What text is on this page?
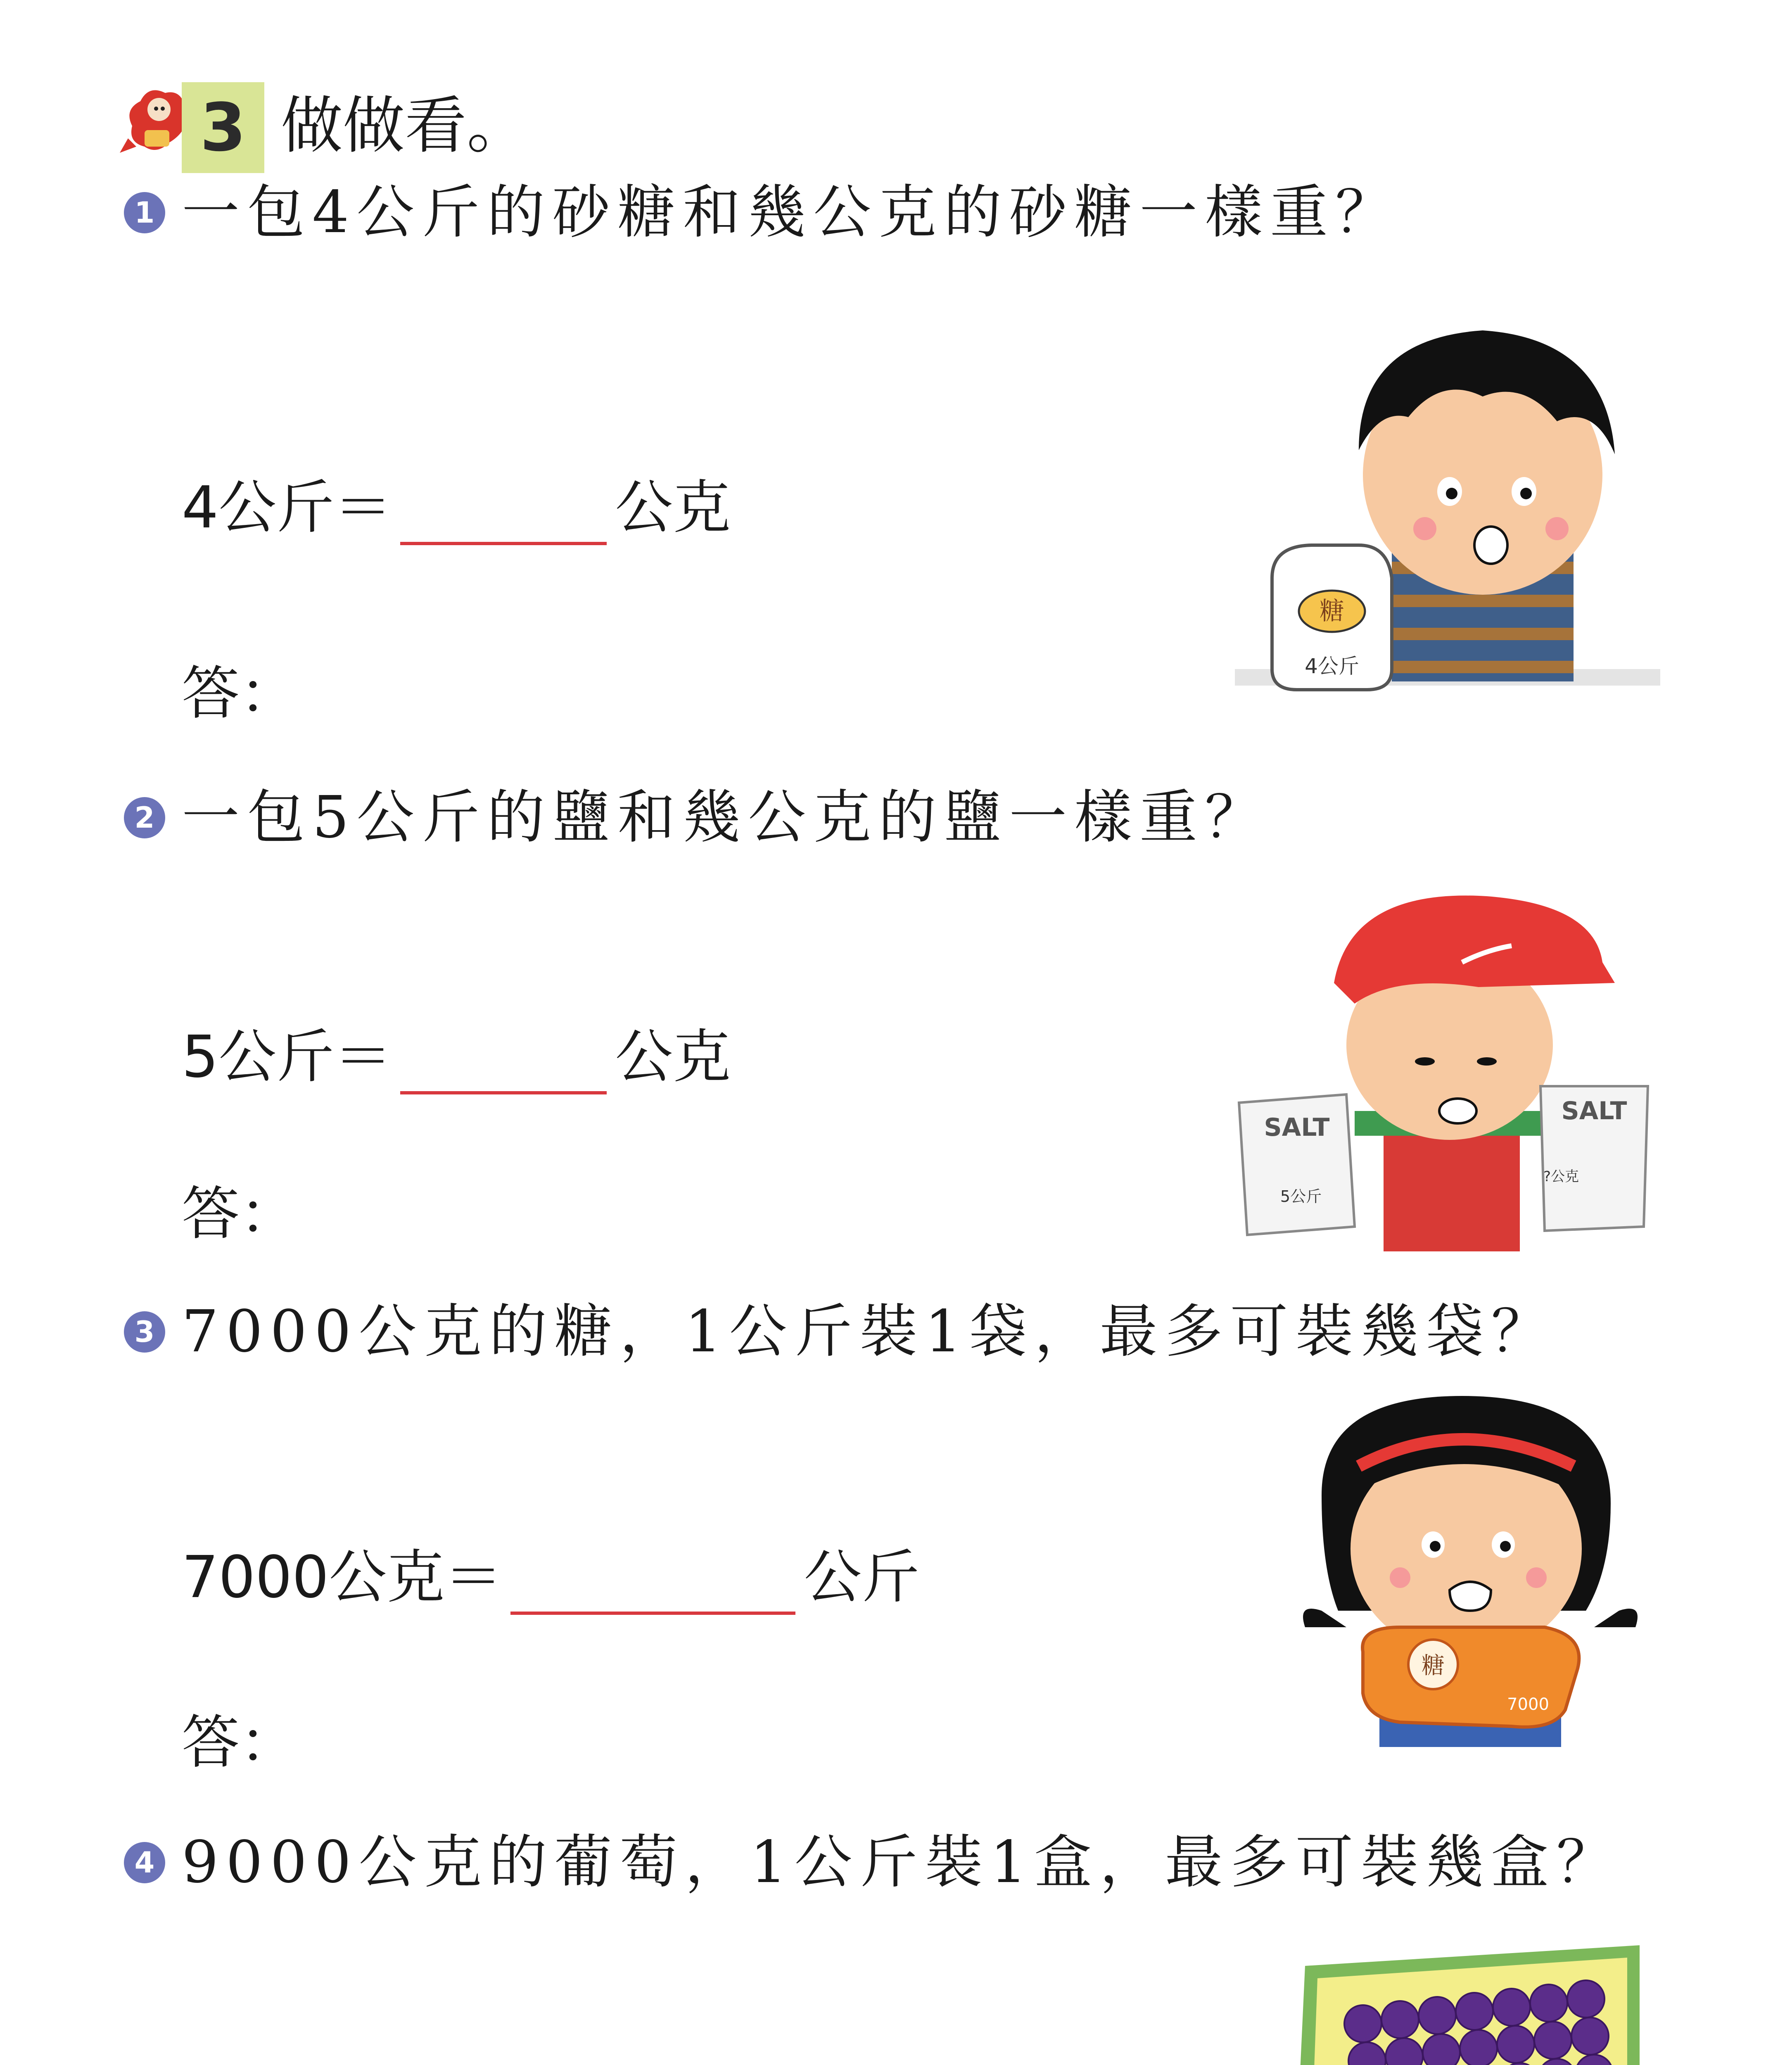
3 做做看。
1 一包4公斤的砂糖和幾公克的砂糖一樣重？
4公斤＝	公克
答：
糖
4公斤
2 一包5公斤的鹽和幾公克的鹽一樣重？
5公斤＝	公克
答：
SALT
5公斤
SALT
?公克
3 7000公克的糖，1公斤裝1袋，最多可裝幾袋？
7000公克＝	公斤
答：
糖
7000
4 9000公克的葡萄，1公斤裝1盒，最多可裝幾盒？
